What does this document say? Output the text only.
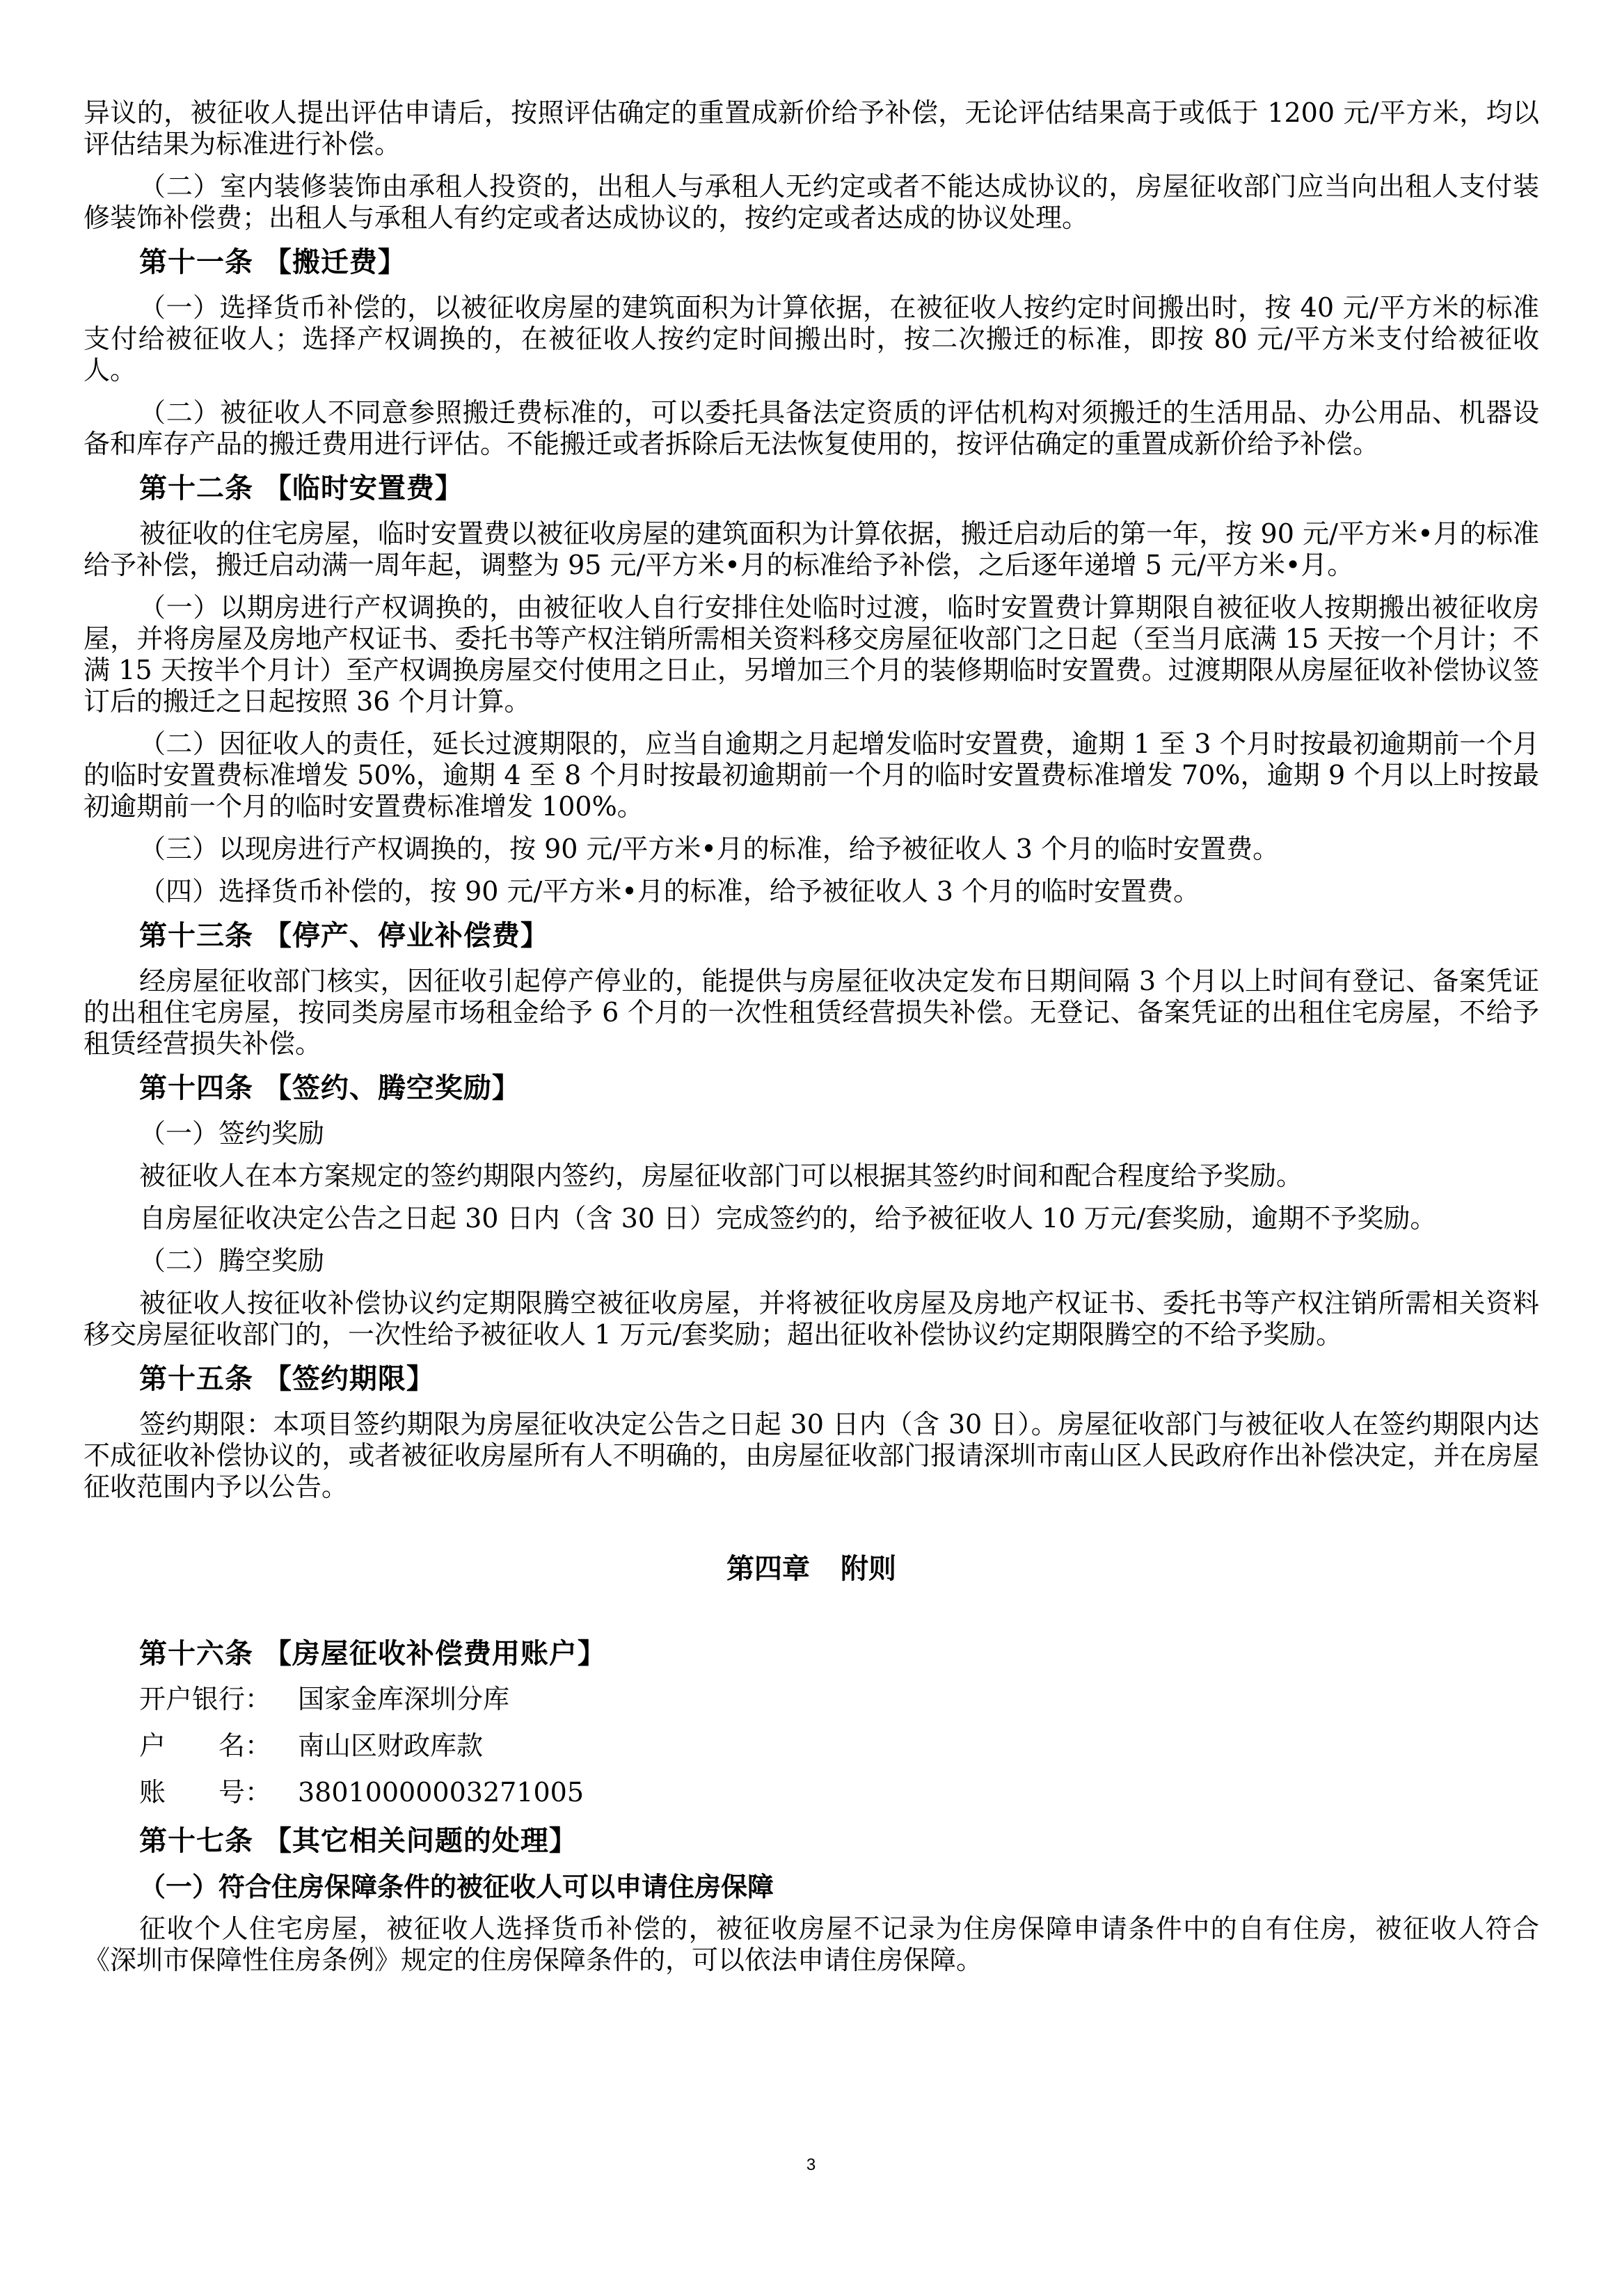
异议的，被征收人提出评估申请后，按照评估确定的重置成新价给予补偿，无论评估结果高于或低于 1200 元/平方米，均以评估结果为标准进行补偿。

（二）室内装修装饰由承租人投资的，出租人与承租人无约定或者不能达成协议的，房屋征收部门应当向出租人支付装修装饰补偿费；出租人与承租人有约定或者达成协议的，按约定或者达成的协议处理。

第十一条 【搬迁费】

（一）选择货币补偿的，以被征收房屋的建筑面积为计算依据，在被征收人按约定时间搬出时，按 40 元/平方米的标准支付给被征收人；选择产权调换的，在被征收人按约定时间搬出时，按二次搬迁的标准，即按 80 元/平方米支付给被征收人。

（二）被征收人不同意参照搬迁费标准的，可以委托具备法定资质的评估机构对须搬迁的生活用品、办公用品、机器设备和库存产品的搬迁费用进行评估。不能搬迁或者拆除后无法恢复使用的，按评估确定的重置成新价给予补偿。

第十二条 【临时安置费】

被征收的住宅房屋，临时安置费以被征收房屋的建筑面积为计算依据，搬迁启动后的第一年，按 90 元/平方米•月的标准给予补偿，搬迁启动满一周年起，调整为 95 元/平方米•月的标准给予补偿，之后逐年递增 5 元/平方米•月。

（一）以期房进行产权调换的，由被征收人自行安排住处临时过渡，临时安置费计算期限自被征收人按期搬出被征收房屋，并将房屋及房地产权证书、委托书等产权注销所需相关资料移交房屋征收部门之日起（至当月底满 15 天按一个月计；不满 15 天按半个月计）至产权调换房屋交付使用之日止，另增加三个月的装修期临时安置费。过渡期限从房屋征收补偿协议签订后的搬迁之日起按照 36 个月计算。

（二）因征收人的责任，延长过渡期限的，应当自逾期之月起增发临时安置费，逾期 1 至 3 个月时按最初逾期前一个月的临时安置费标准增发 50%，逾期 4 至 8 个月时按最初逾期前一个月的临时安置费标准增发 70%，逾期 9 个月以上时按最初逾期前一个月的临时安置费标准增发 100%。

（三）以现房进行产权调换的，按 90 元/平方米•月的标准，给予被征收人 3 个月的临时安置费。

（四）选择货币补偿的，按 90 元/平方米•月的标准，给予被征收人 3 个月的临时安置费。

第十三条 【停产、停业补偿费】

经房屋征收部门核实，因征收引起停产停业的，能提供与房屋征收决定发布日期间隔 3 个月以上时间有登记、备案凭证的出租住宅房屋，按同类房屋市场租金给予 6 个月的一次性租赁经营损失补偿。无登记、备案凭证的出租住宅房屋，不给予租赁经营损失补偿。

第十四条 【签约、腾空奖励】

（一）签约奖励

被征收人在本方案规定的签约期限内签约，房屋征收部门可以根据其签约时间和配合程度给予奖励。

自房屋征收决定公告之日起 30 日内（含 30 日）完成签约的，给予被征收人 10 万元/套奖励，逾期不予奖励。

（二）腾空奖励

被征收人按征收补偿协议约定期限腾空被征收房屋，并将被征收房屋及房地产权证书、委托书等产权注销所需相关资料移交房屋征收部门的，一次性给予被征收人 1 万元/套奖励；超出征收补偿协议约定期限腾空的不给予奖励。

第十五条 【签约期限】

签约期限：本项目签约期限为房屋征收决定公告之日起 30 日内（含 30 日）。房屋征收部门与被征收人在签约期限内达不成征收补偿协议的，或者被征收房屋所有人不明确的，由房屋征收部门报请深圳市南山区人民政府作出补偿决定，并在房屋征收范围内予以公告。

第四章 附则
第十六条 【房屋征收补偿费用账户】
开户银行： 国家金库深圳分库
户　　名： 南山区财政库款
账　　号： 38010000003271005
第十七条 【其它相关问题的处理】

（一）符合住房保障条件的被征收人可以申请住房保障

征收个人住宅房屋，被征收人选择货币补偿的，被征收房屋不记录为住房保障申请条件中的自有住房，被征收人符合《深圳市保障性住房条例》规定的住房保障条件的，可以依法申请住房保障。

3
